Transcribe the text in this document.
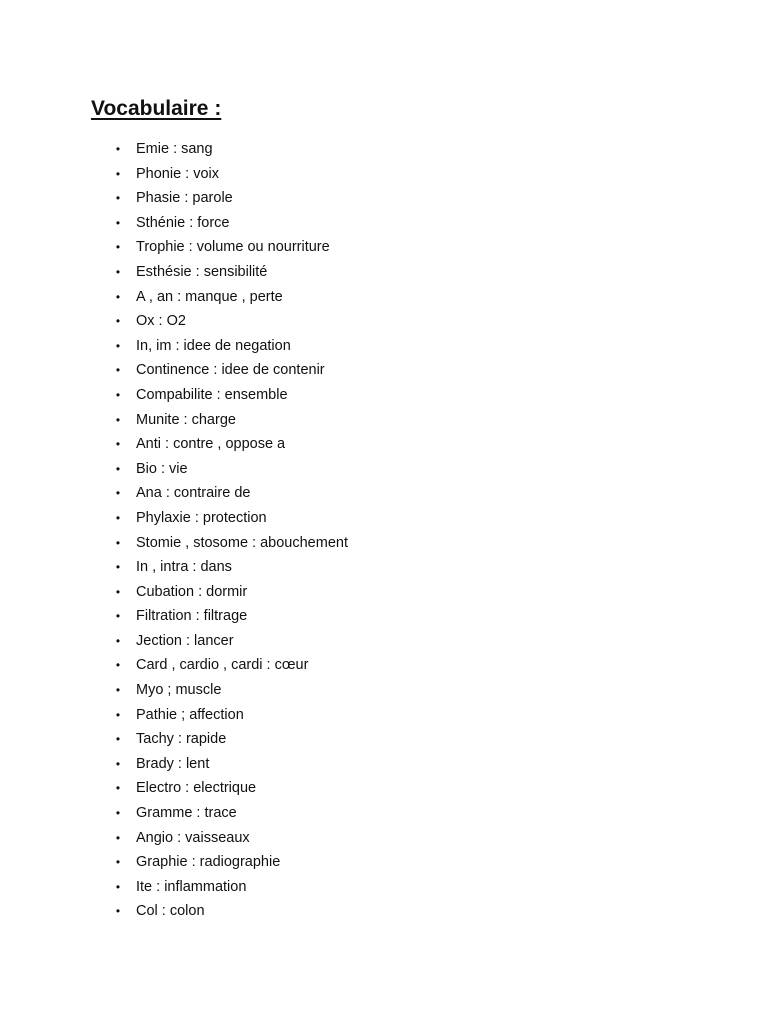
Vocabulaire :
• Emie : sang
• Phonie : voix
• Phasie : parole
• Sthénie : force
• Trophie : volume ou nourriture
• Esthésie : sensibilité
• A , an : manque , perte
• Ox : O2
• In, im : idee de negation
• Continence : idee de contenir
• Compabilite : ensemble
• Munite : charge
• Anti : contre , oppose a
• Bio : vie
• Ana : contraire de
• Phylaxie : protection
• Stomie , stosome : abouchement
• In , intra : dans
• Cubation : dormir
• Filtration : filtrage
• Jection : lancer
• Card , cardio , cardi : cœur
• Myo ; muscle
• Pathie ; affection
• Tachy : rapide
• Brady : lent
• Electro : electrique
• Gramme : trace
• Angio : vaisseaux
• Graphie : radiographie
• Ite : inflammation
• Col : colon
